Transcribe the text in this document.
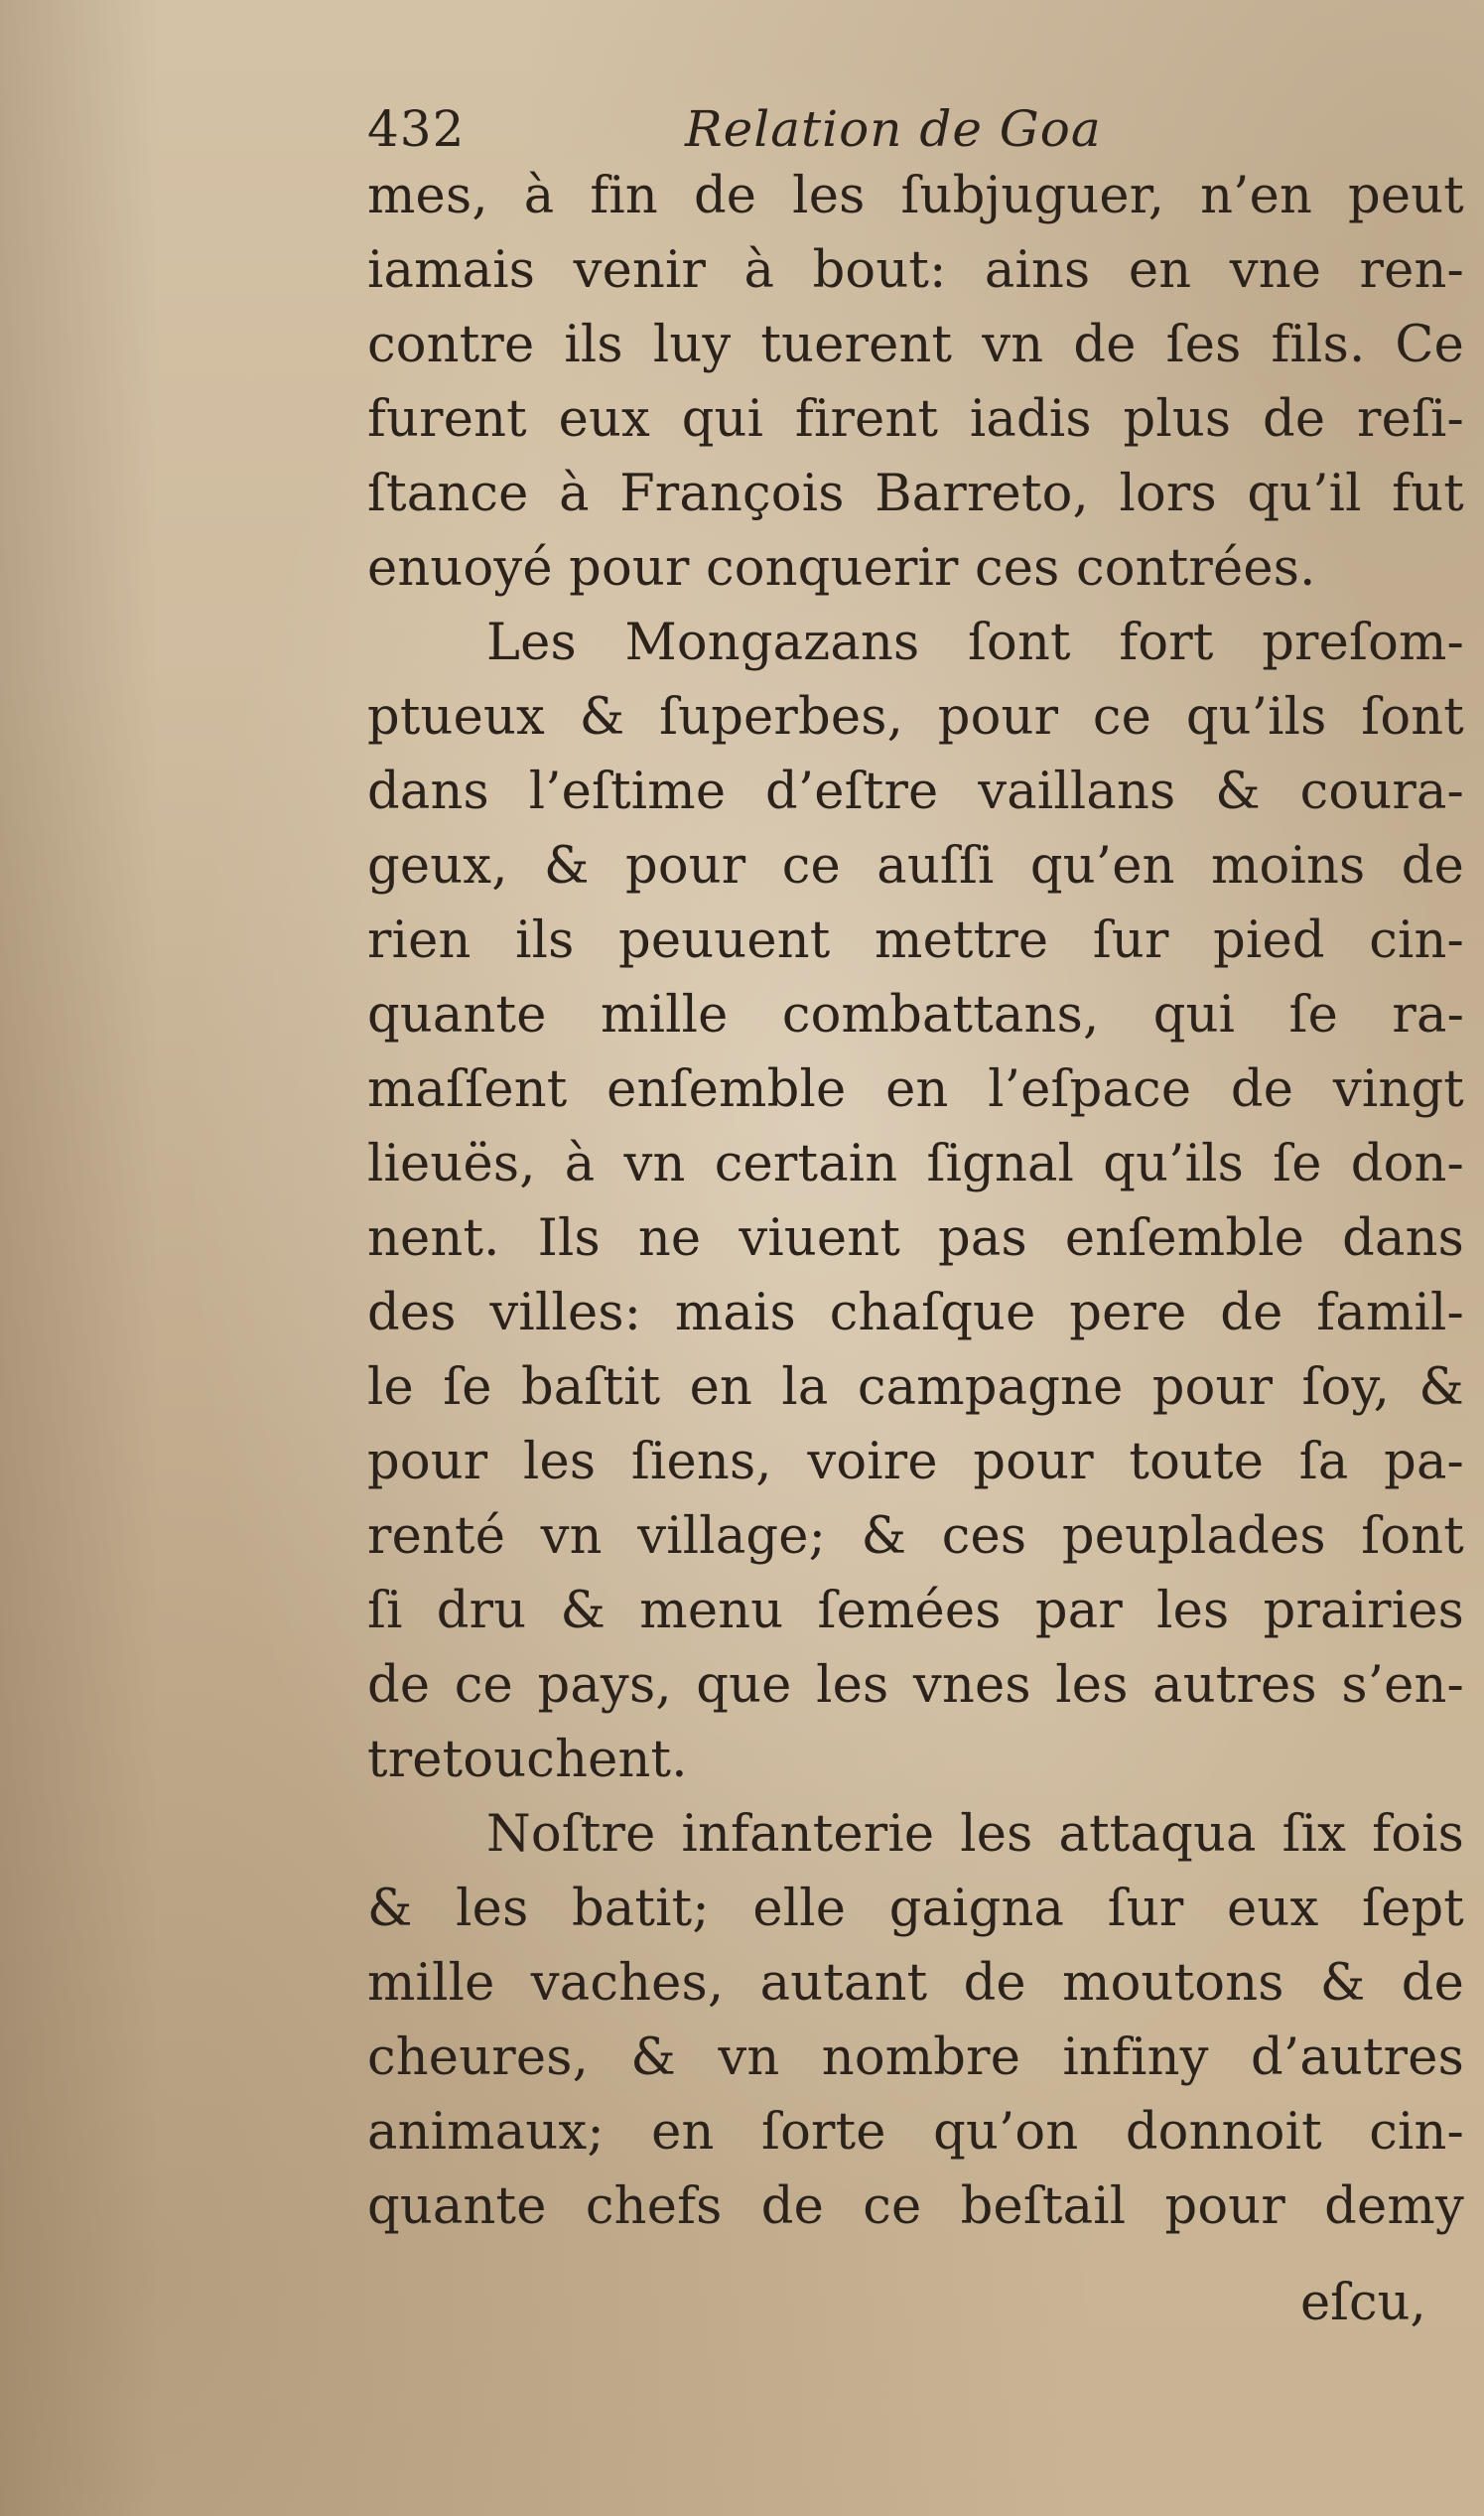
432	Relation de Goa
mes, à fin de les ſubjuguer, n’en peut
iamais venir à bout: ains en vne ren-
contre ils luy tuerent vn de ſes fils. Ce
furent eux qui firent iadis plus de reſi-
ſtance à François Barreto, lors qu’il fut
enuoyé pour conquerir ces contrées.
Les Mongazans ſont fort preſom-
ptueux & ſuperbes, pour ce qu’ils ſont
dans l’eſtime d’eſtre vaillans & coura-
geux, & pour ce auſſi qu’en moins de
rien ils peuuent mettre ſur pied cin-
quante mille combattans, qui ſe ra-
maſſent enſemble en l’eſpace de vingt
lieuës, à vn certain ſignal qu’ils ſe don-
nent. Ils ne viuent pas enſemble dans
des villes: mais chaſque pere de famil-
le ſe baſtit en la campagne pour ſoy, &
pour les ſiens, voire pour toute ſa pa-
renté vn village; & ces peuplades ſont
ſi dru & menu ſemées par les prairies
de ce pays, que les vnes les autres s’en-
tretouchent.
Noſtre infanterie les attaqua ſix fois
& les batit; elle gaigna ſur eux ſept
mille vaches, autant de moutons & de
cheures, & vn nombre infiny d’autres
animaux; en ſorte qu’on donnoit cin-
quante chefs de ce beſtail pour demy
eſcu,
